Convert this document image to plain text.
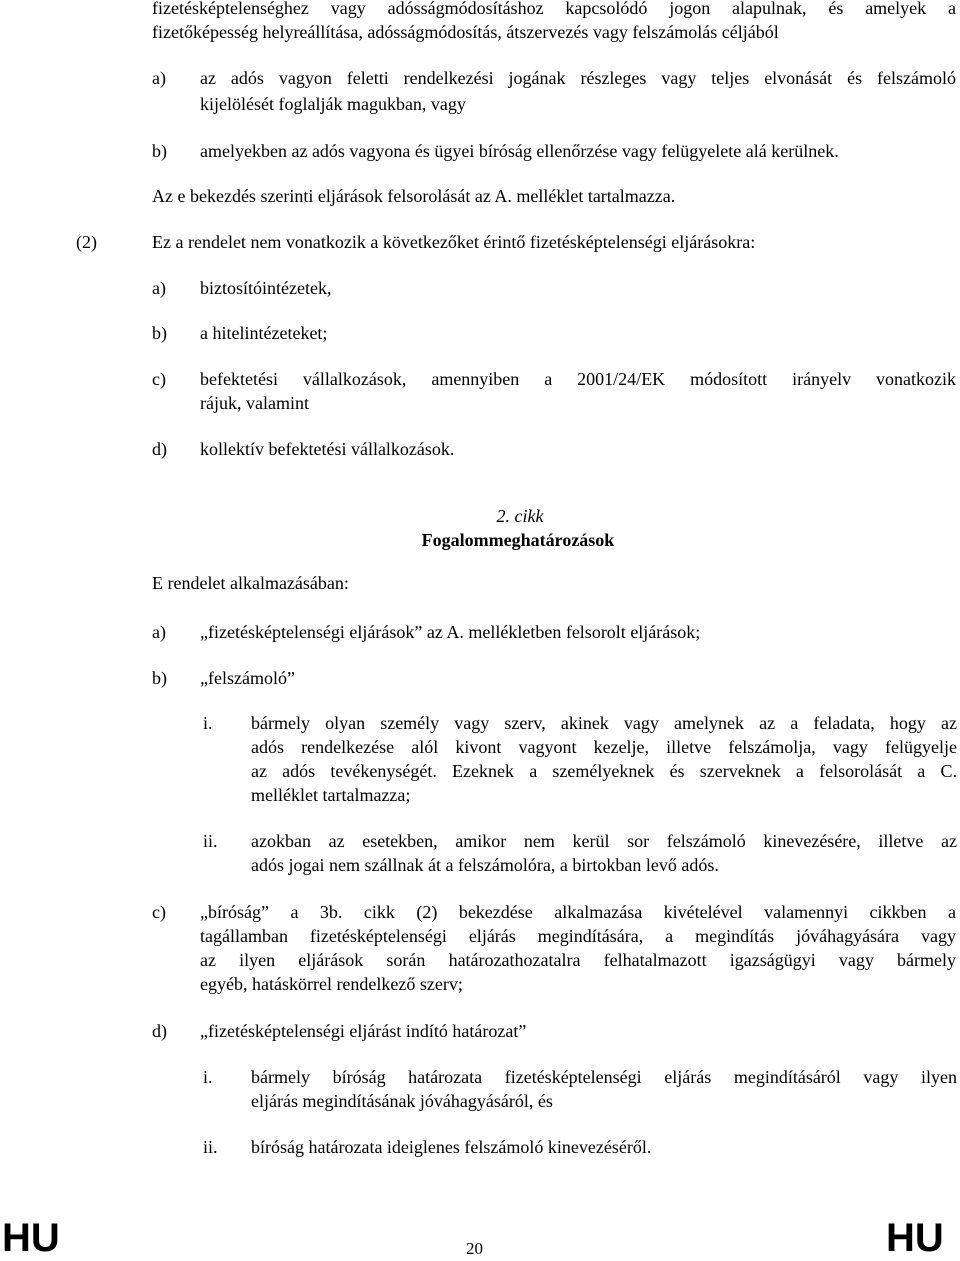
fizetésképtelenséghez vagy adósságmódosításhoz kapcsolódó jogon alapulnak, és amelyek a
fizetőképesség helyreállítása, adósságmódosítás, átszervezés vagy felszámolás céljából
a) az adós vagyon feletti rendelkezési jogának részleges vagy teljes elvonását és felszámoló
kijelölését foglalják magukban, vagy
b) amelyekben az adós vagyona és ügyei bíróság ellenőrzése vagy felügyelete alá kerülnek.
Az e bekezdés szerinti eljárások felsorolását az A. melléklet tartalmazza.
(2)	Ez a rendelet nem vonatkozik a következőket érintő fizetésképtelenségi eljárásokra:
a) biztosítóintézetek,
b) a hitelintézeteket;
c) befektetési vállalkozások, amennyiben a 2001/24/EK módosított irányelv vonatkozik
rájuk, valamint
d) kollektív befektetési vállalkozások.
2. cikk
Fogalommeghatározások
E rendelet alkalmazásában:
a) „fizetésképtelenségi eljárások” az A. mellékletben felsorolt eljárások;
b) „felszámoló”
i. bármely olyan személy vagy szerv, akinek vagy amelynek az a feladata, hogy az
adós rendelkezése alól kivont vagyont kezelje, illetve felszámolja, vagy felügyelje
az adós tevékenységét. Ezeknek a személyeknek és szerveknek a felsorolását a C.
melléklet tartalmazza;
ii. azokban az esetekben, amikor nem kerül sor felszámoló kinevezésére, illetve az
adós jogai nem szállnak át a felszámolóra, a birtokban levő adós.
c) „bíróság” a 3b. cikk (2) bekezdése alkalmazása kivételével valamennyi cikkben a
tagállamban fizetésképtelenségi eljárás megindítására, a megindítás jóváhagyására vagy
az ilyen eljárások során határozathozatalra felhatalmazott igazságügyi vagy bármely
egyéb, hatáskörrel rendelkező szerv;
d) „fizetésképtelenségi eljárást indító határozat”
i. bármely bíróság határozata fizetésképtelenségi eljárás megindításáról vagy ilyen
eljárás megindításának jóváhagyásáról, és
ii. bíróság határozata ideiglenes felszámoló kinevezéséről.
HU	20	HU
